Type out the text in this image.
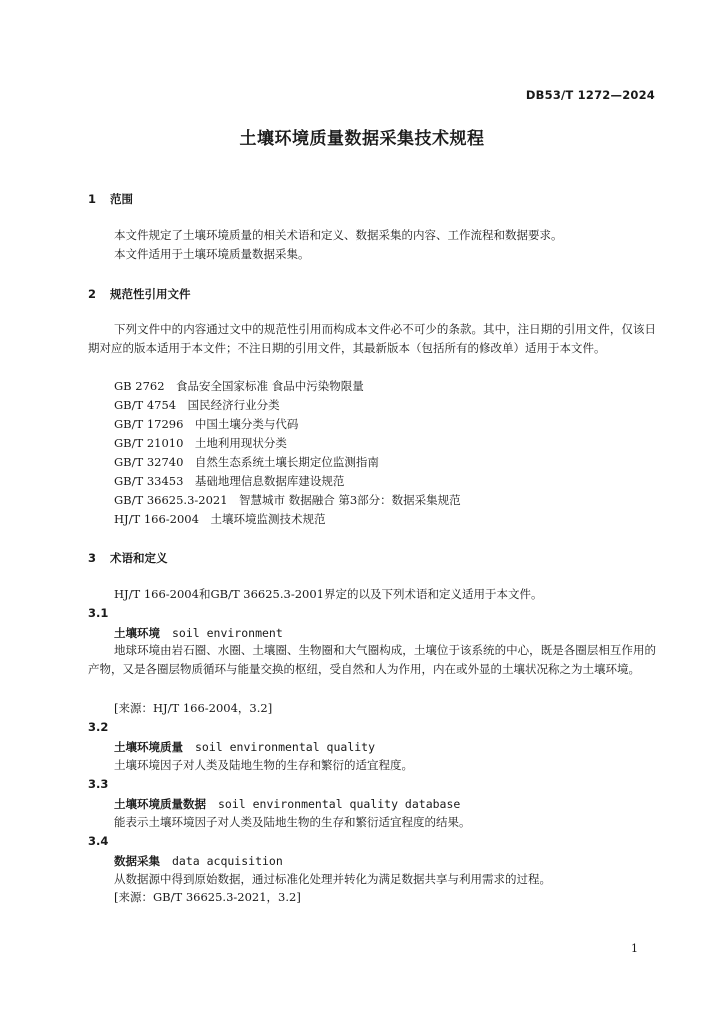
DB53/T 1272—2024
土壤环境质量数据采集技术规程
1 范围
本文件规定了土壤环境质量的相关术语和定义、数据采集的内容、工作流程和数据要求。
本文件适用于土壤环境质量数据采集。
2 规范性引用文件
下列文件中的内容通过文中的规范性引用而构成本文件必不可少的条款。其中，注日期的引用文件，仅该日期对应的版本适用于本文件；不注日期的引用文件，其最新版本（包括所有的修改单）适用于本文件。
GB 2762　食品安全国家标准 食品中污染物限量
GB/T 4754　国民经济行业分类
GB/T 17296　中国土壤分类与代码
GB/T 21010　土地利用现状分类
GB/T 32740　自然生态系统土壤长期定位监测指南
GB/T 33453　基础地理信息数据库建设规范
GB/T 36625.3-2021　智慧城市 数据融合 第3部分：数据采集规范
HJ/T 166-2004　土壤环境监测技术规范
3 术语和定义
HJ/T 166-2004和GB/T 36625.3-2001界定的以及下列术语和定义适用于本文件。
3.1
土壤环境 soil environment
地球环境由岩石圈、水圈、土壤圈、生物圈和大气圈构成，土壤位于该系统的中心，既是各圈层相互作用的产物，又是各圈层物质循环与能量交换的枢纽，受自然和人为作用，内在或外显的土壤状况称之为土壤环境。
[来源：HJ/T 166-2004，3.2]
3.2
土壤环境质量 soil environmental quality
土壤环境因子对人类及陆地生物的生存和繁衍的适宜程度。
3.3
土壤环境质量数据 soil environmental quality database
能表示土壤环境因子对人类及陆地生物的生存和繁衍适宜程度的结果。
3.4
数据采集 data acquisition
从数据源中得到原始数据，通过标准化处理并转化为满足数据共享与利用需求的过程。
[来源：GB/T 36625.3-2021，3.2]
1
